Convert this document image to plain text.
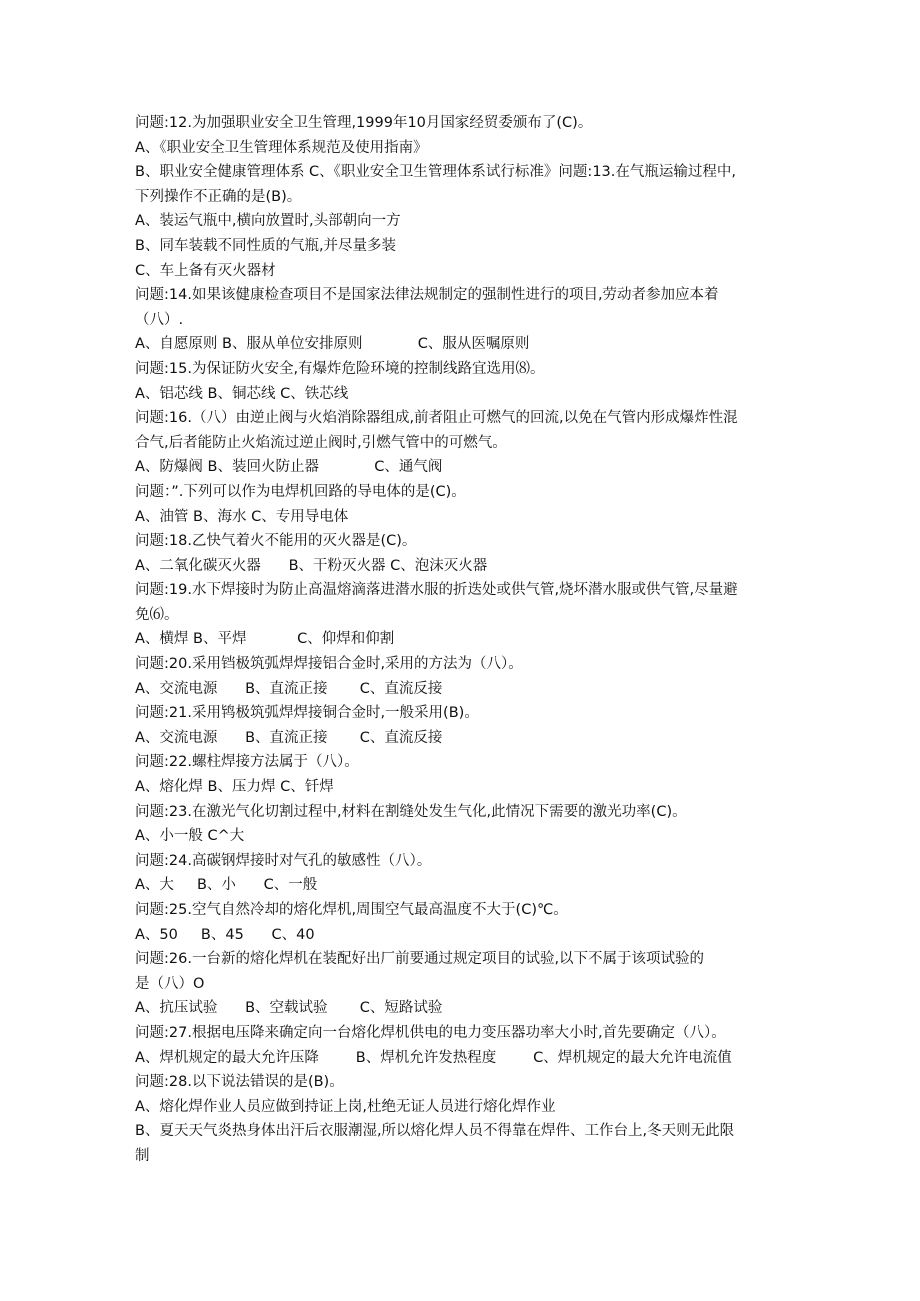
问题:12.为加强职业安全卫生管理,1999年10月国家经贸委颁布了(C)。
A、《职业安全卫生管理体系规范及使用指南》
B、职业安全健康管理体系 C、《职业安全卫生管理体系试行标准》问题:13.在气瓶运输过程中,
下列操作不正确的是(B)。
A、装运气瓶中,横向放置时,头部朝向一方
B、同车装载不同性质的气瓶,并尽量多装
C、车上备有灭火器材
问题:14.如果该健康检查项目不是国家法律法规制定的强制性进行的项目,劳动者参加应本着
（八）.
A、自愿原则 B、服从单位安排原则            C、服从医嘱原则
问题:15.为保证防火安全,有爆炸危险环境的控制线路宜选用⑻。
A、铝芯线 B、铜芯线 C、铁芯线
问题:16.（八）由逆止阀与火焰消除器组成,前者阻止可燃气的回流,以免在气管内形成爆炸性混
合气,后者能防止火焰流过逆止阀时,引燃气管中的可燃气。
A、防爆阀 B、装回火防止器            C、通气阀
问题：”.下列可以作为电焊机回路的导电体的是(C)。
A、油管 B、海水 C、专用导电体
问题:18.乙快气着火不能用的灭火器是(C)。
A、二氧化碳灭火器      B、干粉灭火器 C、泡沫灭火器
问题:19.水下焊接时为防止高温熔滴落进潜水服的折迭处或供气管,烧坏潜水服或供气管,尽量避
免⑹。
A、横焊 B、平焊           C、仰焊和仰割
问题:20.采用铛极筑弧焊焊接铝合金时,采用的方法为（八）。
A、交流电源      B、直流正接       C、直流反接
问题:21.采用鸨极筑弧焊焊接铜合金时,一般采用(B)。
A、交流电源      B、直流正接       C、直流反接
问题:22.螺柱焊接方法属于（八）。
A、熔化焊 B、压力焊 C、钎焊
问题:23.在激光气化切割过程中,材料在割缝处发生气化,此情况下需要的激光功率(C)。
A、小一般 C^大
问题:24.高碳钢焊接时对气孔的敏感性（八）。
A、大     B、小      C、一般
问题:25.空气自然冷却的熔化焊机,周围空气最高温度不大于(C)℃。
A、50     B、45      C、40
问题:26.一台新的熔化焊机在装配好出厂前要通过规定项目的试验,以下不属于该项试验的
是（八）O
A、抗压试验      B、空载试验       C、短路试验
问题:27.根据电压降来确定向一台熔化焊机供电的电力变压器功率大小时,首先要确定（八）。
A、焊机规定的最大允许压降        B、焊机允许发热程度        C、焊机规定的最大允许电流值
问题:28.以下说法错误的是(B)。
A、熔化焊作业人员应做到持证上岗,杜绝无证人员进行熔化焊作业
B、夏天天气炎热身体出汗后衣服潮湿,所以熔化焊人员不得靠在焊件、工作台上,冬天则无此限
制
